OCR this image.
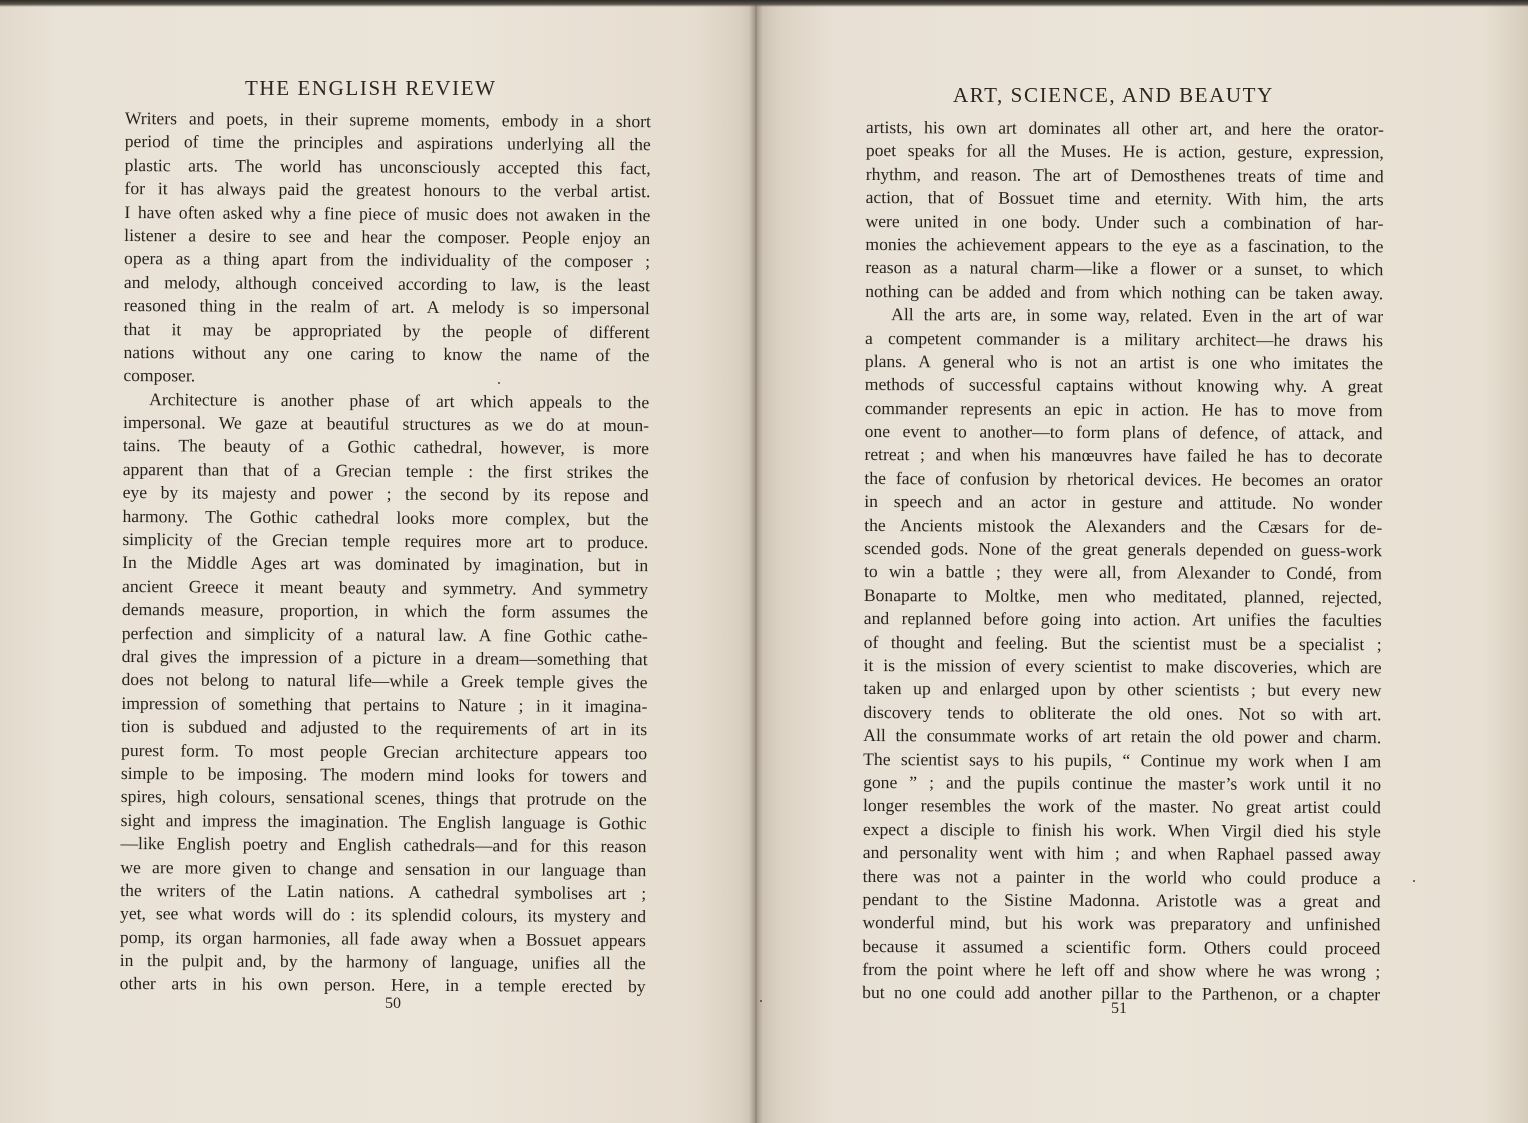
THE ENGLISH REVIEW	ART, SCIENCE, AND BEAUTY
Writers and poets, in their supreme moments, embody in a short
period of time the principles and aspirations underlying all the
plastic arts. The world has unconsciously accepted this fact,
for it has always paid the greatest honours to the verbal artist.
I have often asked why a fine piece of music does not awaken in the
listener a desire to see and hear the composer. People enjoy an
opera as a thing apart from the individuality of the composer ;
and melody, although conceived according to law, is the least
reasoned thing in the realm of art. A melody is so impersonal
that it may be appropriated by the people of different
nations without any one caring to know the name of the
composer.
Architecture is another phase of art which appeals to the
impersonal. We gaze at beautiful structures as we do at moun-
tains. The beauty of a Gothic cathedral, however, is more
apparent than that of a Grecian temple : the first strikes the
eye by its majesty and power ; the second by its repose and
harmony. The Gothic cathedral looks more complex, but the
simplicity of the Grecian temple requires more art to produce.
In the Middle Ages art was dominated by imagination, but in
ancient Greece it meant beauty and symmetry. And symmetry
demands measure, proportion, in which the form assumes the
perfection and simplicity of a natural law. A fine Gothic cathe-
dral gives the impression of a picture in a dream—something that
does not belong to natural life—while a Greek temple gives the
impression of something that pertains to Nature ; in it imagina-
tion is subdued and adjusted to the requirements of art in its
purest form. To most people Grecian architecture appears too
simple to be imposing. The modern mind looks for towers and
spires, high colours, sensational scenes, things that protrude on the
sight and impress the imagination. The English language is Gothic
—like English poetry and English cathedrals—and for this reason
we are more given to change and sensation in our language than
the writers of the Latin nations. A cathedral symbolises art ;
yet, see what words will do : its splendid colours, its mystery and
pomp, its organ harmonies, all fade away when a Bossuet appears
in the pulpit and, by the harmony of language, unifies all the
other arts in his own person. Here, in a temple erected by
artists, his own art dominates all other art, and here the orator-
poet speaks for all the Muses. He is action, gesture, expression,
rhythm, and reason. The art of Demosthenes treats of time and
action, that of Bossuet time and eternity. With him, the arts
were united in one body. Under such a combination of har-
monies the achievement appears to the eye as a fascination, to the
reason as a natural charm—like a flower or a sunset, to which
nothing can be added and from which nothing can be taken away.
All the arts are, in some way, related. Even in the art of war
a competent commander is a military architect—he draws his
plans. A general who is not an artist is one who imitates the
methods of successful captains without knowing why. A great
commander represents an epic in action. He has to move from
one event to another—to form plans of defence, of attack, and
retreat ; and when his manœuvres have failed he has to decorate
the face of confusion by rhetorical devices. He becomes an orator
in speech and an actor in gesture and attitude. No wonder
the Ancients mistook the Alexanders and the Cæsars for de-
scended gods. None of the great generals depended on guess-work
to win a battle ; they were all, from Alexander to Condé, from
Bonaparte to Moltke, men who meditated, planned, rejected,
and replanned before going into action. Art unifies the faculties
of thought and feeling. But the scientist must be a specialist ;
it is the mission of every scientist to make discoveries, which are
taken up and enlarged upon by other scientists ; but every new
discovery tends to obliterate the old ones. Not so with art.
All the consummate works of art retain the old power and charm.
The scientist says to his pupils, “ Continue my work when I am
gone ” ; and the pupils continue the master’s work until it no
longer resembles the work of the master. No great artist could
expect a disciple to finish his work. When Virgil died his style
and personality went with him ; and when Raphael passed away
there was not a painter in the world who could produce a
pendant to the Sistine Madonna. Aristotle was a great and
wonderful mind, but his work was preparatory and unfinished
because it assumed a scientific form. Others could proceed
from the point where he left off and show where he was wrong ;
but no one could add another pillar to the Parthenon, or a chapter
50	51
